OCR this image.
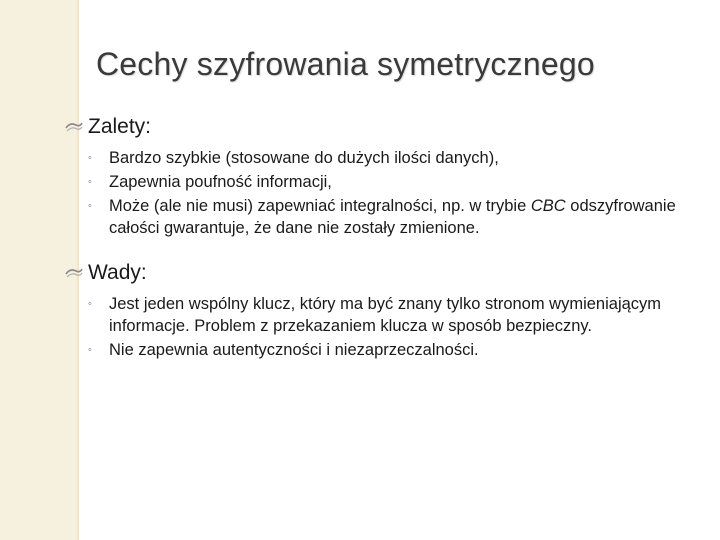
Cechy szyfrowania symetrycznego
Zalety:
◦ Bardzo szybkie (stosowane do dużych ilości danych),
◦ Zapewnia poufność informacji,
◦ Może (ale nie musi) zapewniać integralności, np. w trybie CBC odszyfrowanie całości gwarantuje, że dane nie zostały zmienione.
Wady:
◦ Jest jeden wspólny klucz, który ma być znany tylko stronom wymieniającym informacje. Problem z przekazaniem klucza w sposób bezpieczny.
◦ Nie zapewnia autentyczności i niezaprzeczalności.
